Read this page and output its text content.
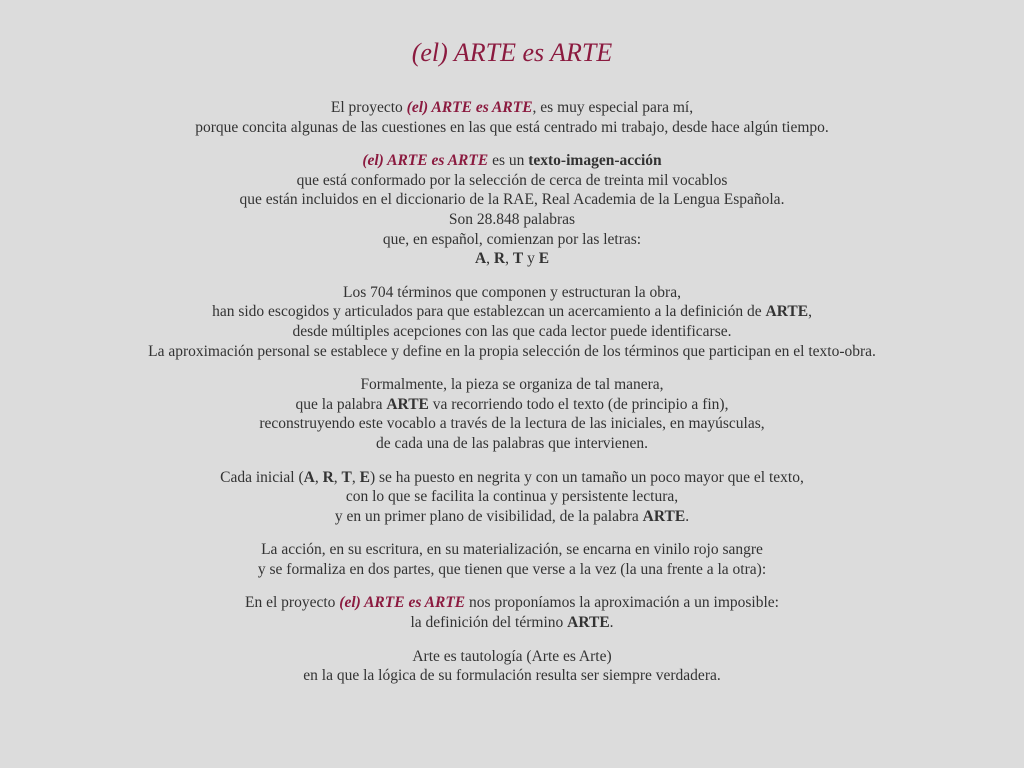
(el) ARTE es ARTE

El proyecto (el) ARTE es ARTE, es muy especial para mí,
porque concita algunas de las cuestiones en las que está centrado mi trabajo, desde hace algún tiempo.

(el) ARTE es ARTE es un texto-imagen-acción
que está conformado por la selección de cerca de treinta mil vocablos
que están incluidos en el diccionario de la RAE, Real Academia de la Lengua Española.
Son 28.848 palabras
que, en español, comienzan por las letras:
A, R, T y E

Los 704 términos que componen y estructuran la obra,
han sido escogidos y articulados para que establezcan un acercamiento a la definición de ARTE,
desde múltiples acepciones con las que cada lector puede identificarse.
La aproximación personal se establece y define en la propia selección de los términos que participan en el texto-obra.

Formalmente, la pieza se organiza de tal manera,
que la palabra ARTE va recorriendo todo el texto (de principio a fin),
reconstruyendo este vocablo a través de la lectura de las iniciales, en mayúsculas,
de cada una de las palabras que intervienen.

Cada inicial (A, R, T, E) se ha puesto en negrita y con un tamaño un poco mayor que el texto,
con lo que se facilita la continua y persistente lectura,
y en un primer plano de visibilidad, de la palabra ARTE.

La acción, en su escritura, en su materialización, se encarna en vinilo rojo sangre
y se formaliza en dos partes, que tienen que verse a la vez (la una frente a la otra):

En el proyecto (el) ARTE es ARTE nos proponíamos la aproximación a un imposible:
la definición del término ARTE.

Arte es tautología (Arte es Arte)
en la que la lógica de su formulación resulta ser siempre verdadera.
